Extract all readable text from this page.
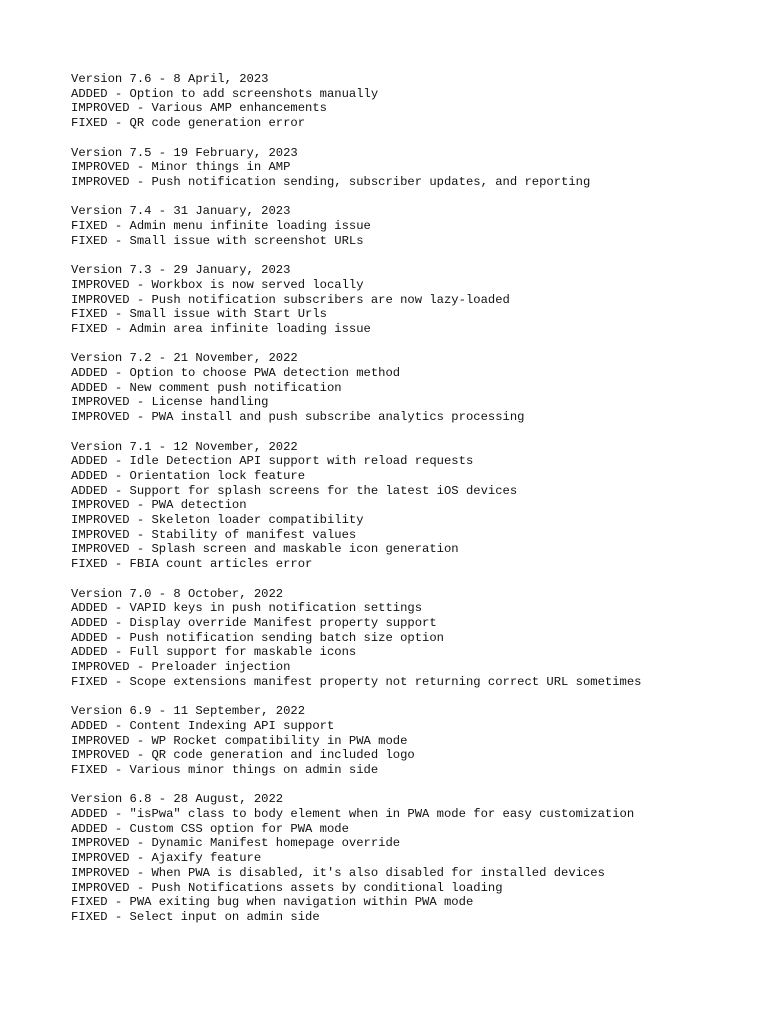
Version 7.6 - 8 April, 2023
ADDED - Option to add screenshots manually
IMPROVED - Various AMP enhancements
FIXED - QR code generation error
Version 7.5 - 19 February, 2023
IMPROVED - Minor things in AMP
IMPROVED - Push notification sending, subscriber updates, and reporting
Version 7.4 - 31 January, 2023
FIXED - Admin menu infinite loading issue
FIXED - Small issue with screenshot URLs
Version 7.3 - 29 January, 2023
IMPROVED - Workbox is now served locally
IMPROVED - Push notification subscribers are now lazy-loaded
FIXED - Small issue with Start Urls
FIXED - Admin area infinite loading issue
Version 7.2 - 21 November, 2022
ADDED - Option to choose PWA detection method
ADDED - New comment push notification
IMPROVED - License handling
IMPROVED - PWA install and push subscribe analytics processing
Version 7.1 - 12 November, 2022
ADDED - Idle Detection API support with reload requests
ADDED - Orientation lock feature
ADDED - Support for splash screens for the latest iOS devices
IMPROVED - PWA detection
IMPROVED - Skeleton loader compatibility
IMPROVED - Stability of manifest values
IMPROVED - Splash screen and maskable icon generation
FIXED - FBIA count articles error
Version 7.0 - 8 October, 2022
ADDED - VAPID keys in push notification settings
ADDED - Display override Manifest property support
ADDED - Push notification sending batch size option
ADDED - Full support for maskable icons
IMPROVED - Preloader injection
FIXED - Scope extensions manifest property not returning correct URL sometimes
Version 6.9 - 11 September, 2022
ADDED - Content Indexing API support
IMPROVED - WP Rocket compatibility in PWA mode
IMPROVED - QR code generation and included logo
FIXED - Various minor things on admin side
Version 6.8 - 28 August, 2022
ADDED - "isPwa" class to body element when in PWA mode for easy customization
ADDED - Custom CSS option for PWA mode
IMPROVED - Dynamic Manifest homepage override
IMPROVED - Ajaxify feature
IMPROVED - When PWA is disabled, it's also disabled for installed devices
IMPROVED - Push Notifications assets by conditional loading
FIXED - PWA exiting bug when navigation within PWA mode
FIXED - Select input on admin side
